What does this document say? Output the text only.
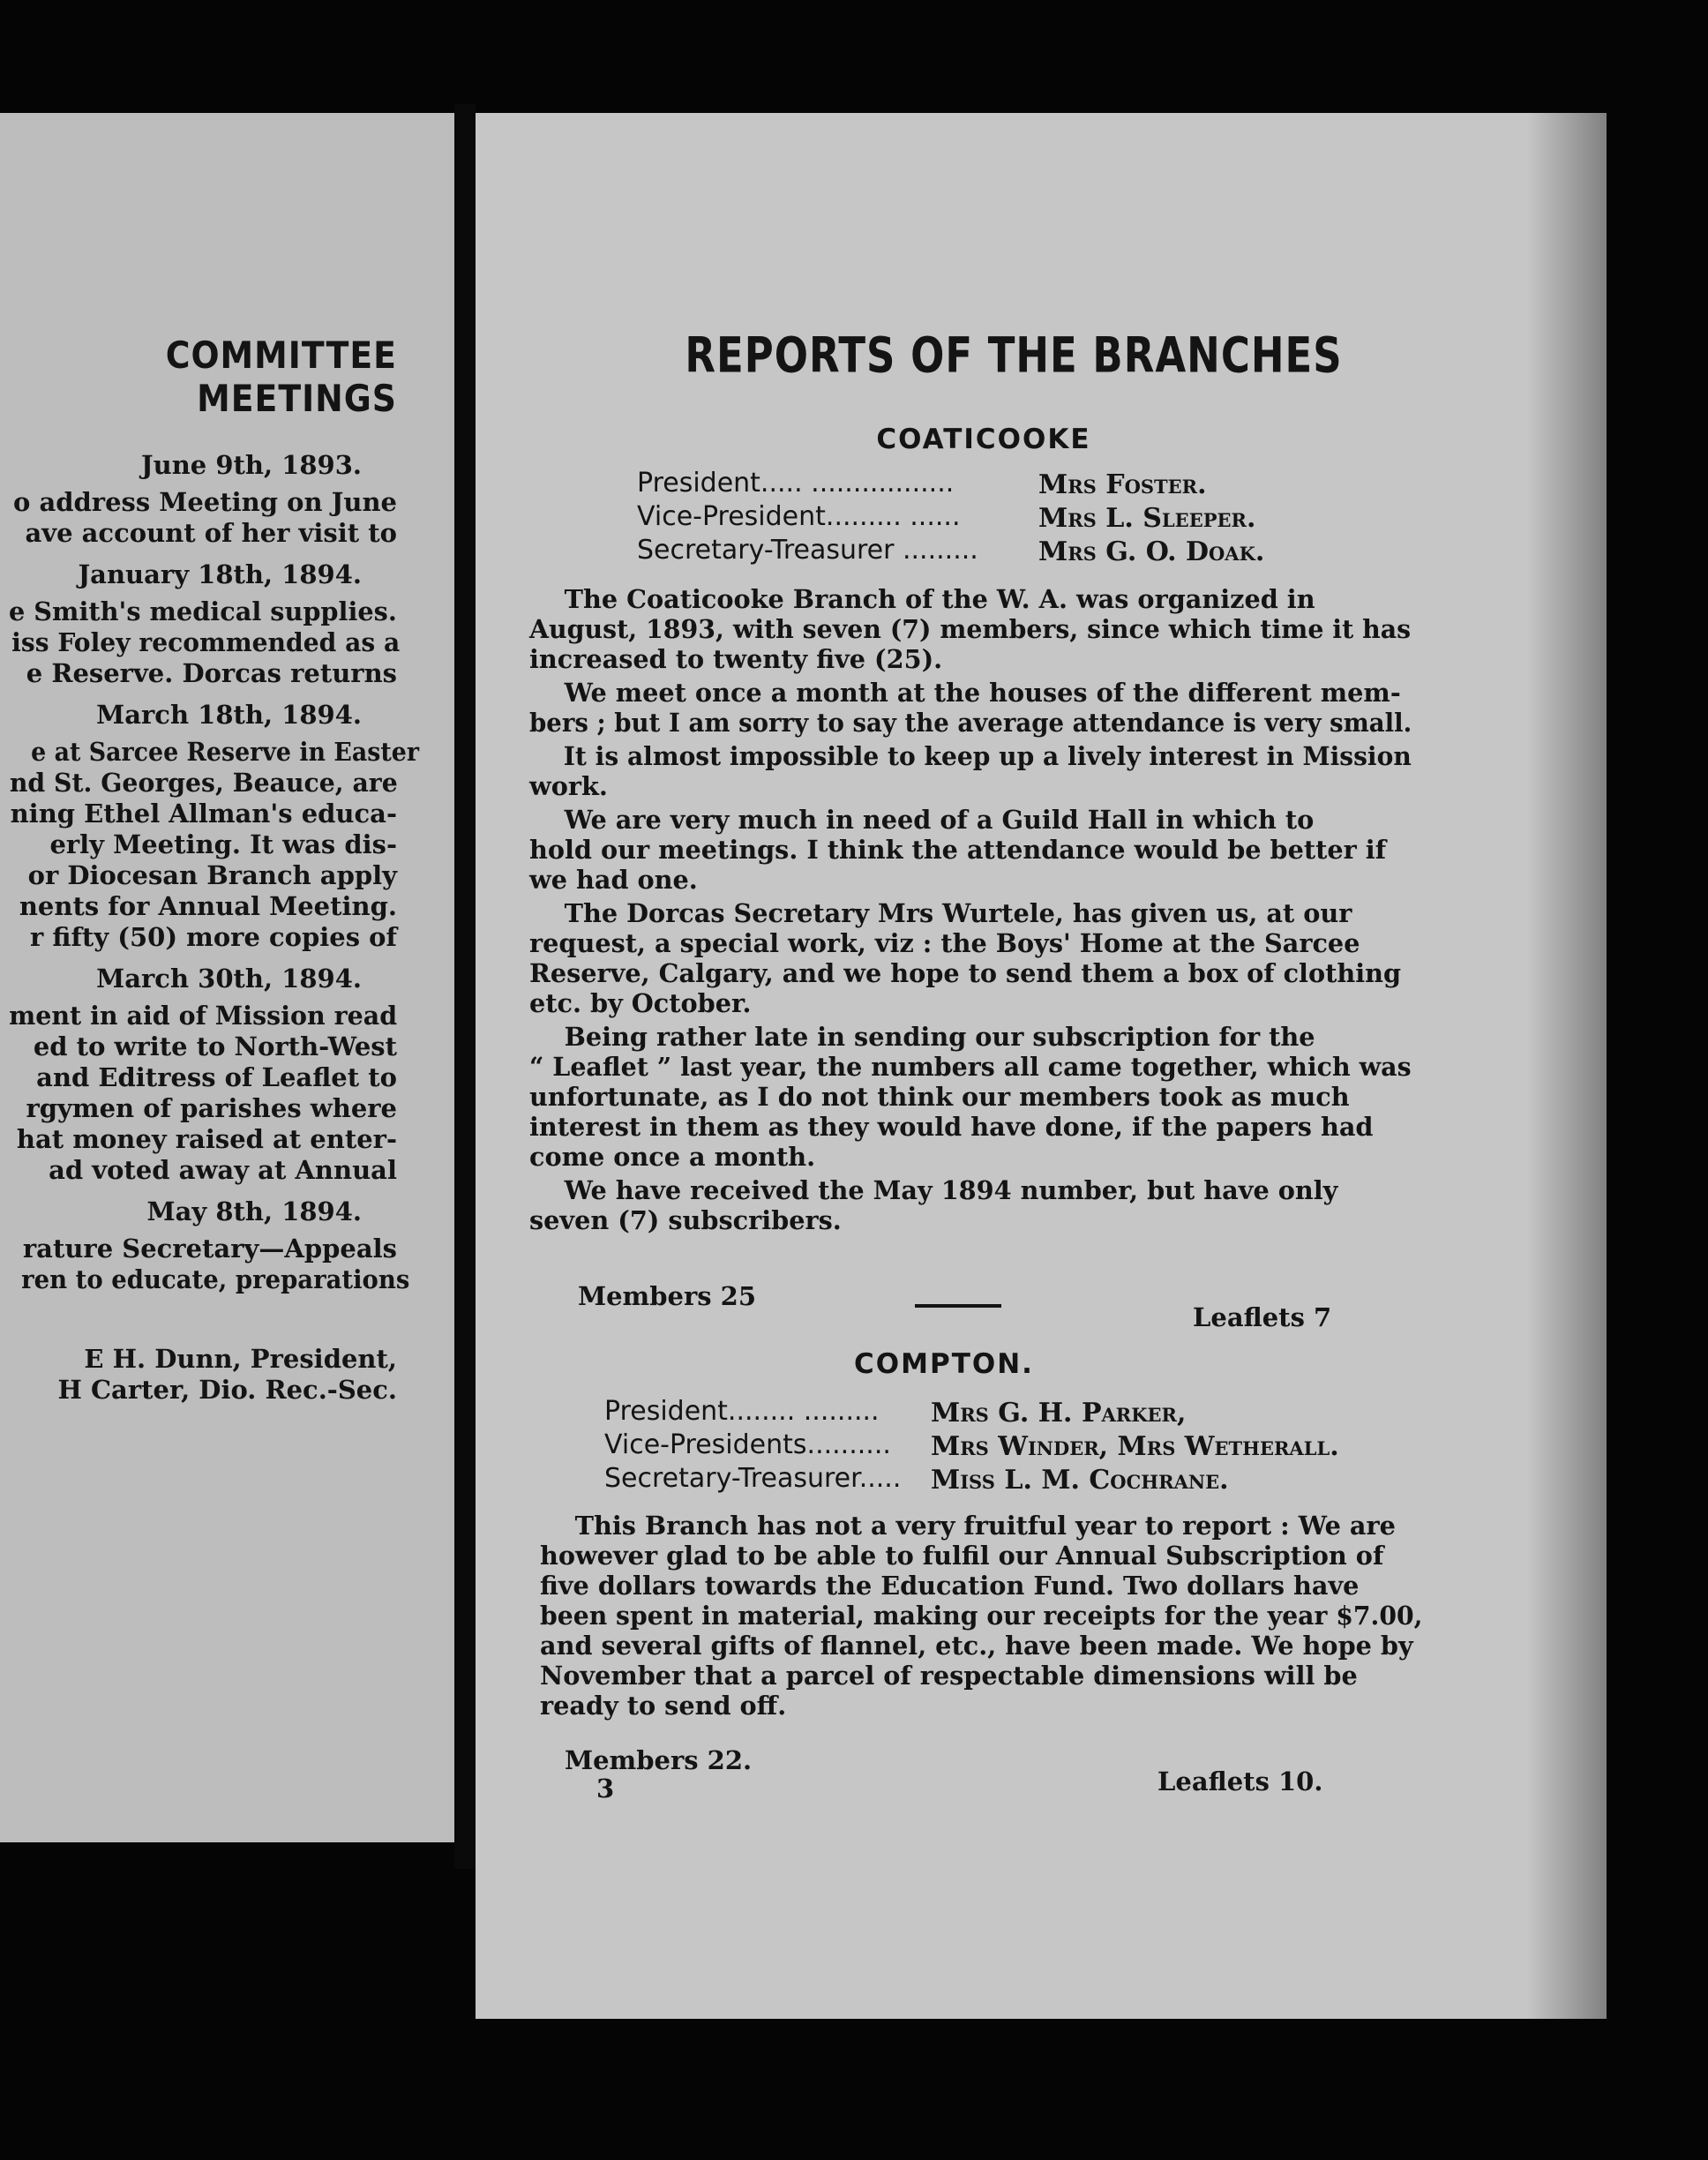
COMMITTEE MEETINGS
June 9th, 1893.
o address Meeting on June
ave account of her visit to
January 18th, 1894.
e Smith's medical supplies.
iss Foley recommended as a
e Reserve. Dorcas returns
March 18th, 1894.
e at Sarcee Reserve in Easter
nd St. Georges, Beauce, are
ning Ethel Allman's educa-
erly Meeting. It was dis-
or Diocesan Branch apply
nents for Annual Meeting.
r fifty (50) more copies of
March 30th, 1894.
ment in aid of Mission read
ed to write to North-West
and Editress of Leaflet to
rgymen of parishes where
hat money raised at enter-
ad voted away at Annual
May 8th, 1894.
rature Secretary—Appeals
ren to educate, preparations
E H. Dunn, President,
H Carter, Dio. Rec.-Sec.
REPORTS OF THE BRANCHES
COATICOOKE
President..... .................	Mrs Foster.
Vice-President......... ......	Mrs L. Sleeper.
Secretary-Treasurer ......... Mrs G. O. Doak.
The Coaticooke Branch of the W. A. was organized in
August, 1893, with seven (7) members, since which time it has
increased to twenty five (25).
We meet once a month at the houses of the different mem-
bers ; but I am sorry to say the average attendance is very small.
It is almost impossible to keep up a lively interest in Mission
work.
We are very much in need of a Guild Hall in which to
hold our meetings. I think the attendance would be better if
we had one.
The Dorcas Secretary Mrs Wurtele, has given us, at our
request, a special work, viz : the Boys' Home at the Sarcee
Reserve, Calgary, and we hope to send them a box of clothing
etc. by October.
Being rather late in sending our subscription for the
“ Leaflet ” last year, the numbers all came together, which was
unfortunate, as I do not think our members took as much
interest in them as they would have done, if the papers had
come once a month.
We have received the May 1894 number, but have only
seven (7) subscribers.
Members 25
Leaflets 7
COMPTON.
President........ ......... Mrs G. H. Parker,
Vice-Presidents.......... Mrs Winder, Mrs Wetherall.
Secretary-Treasurer..... Miss L. M. Cochrane.
This Branch has not a very fruitful year to report : We are
however glad to be able to fulfil our Annual Subscription of
five dollars towards the Education Fund. Two dollars have
been spent in material, making our receipts for the year $7.00,
and several gifts of flannel, etc., have been made. We hope by
November that a parcel of respectable dimensions will be
ready to send off.
Members 22.
Leaflets 10.
3
